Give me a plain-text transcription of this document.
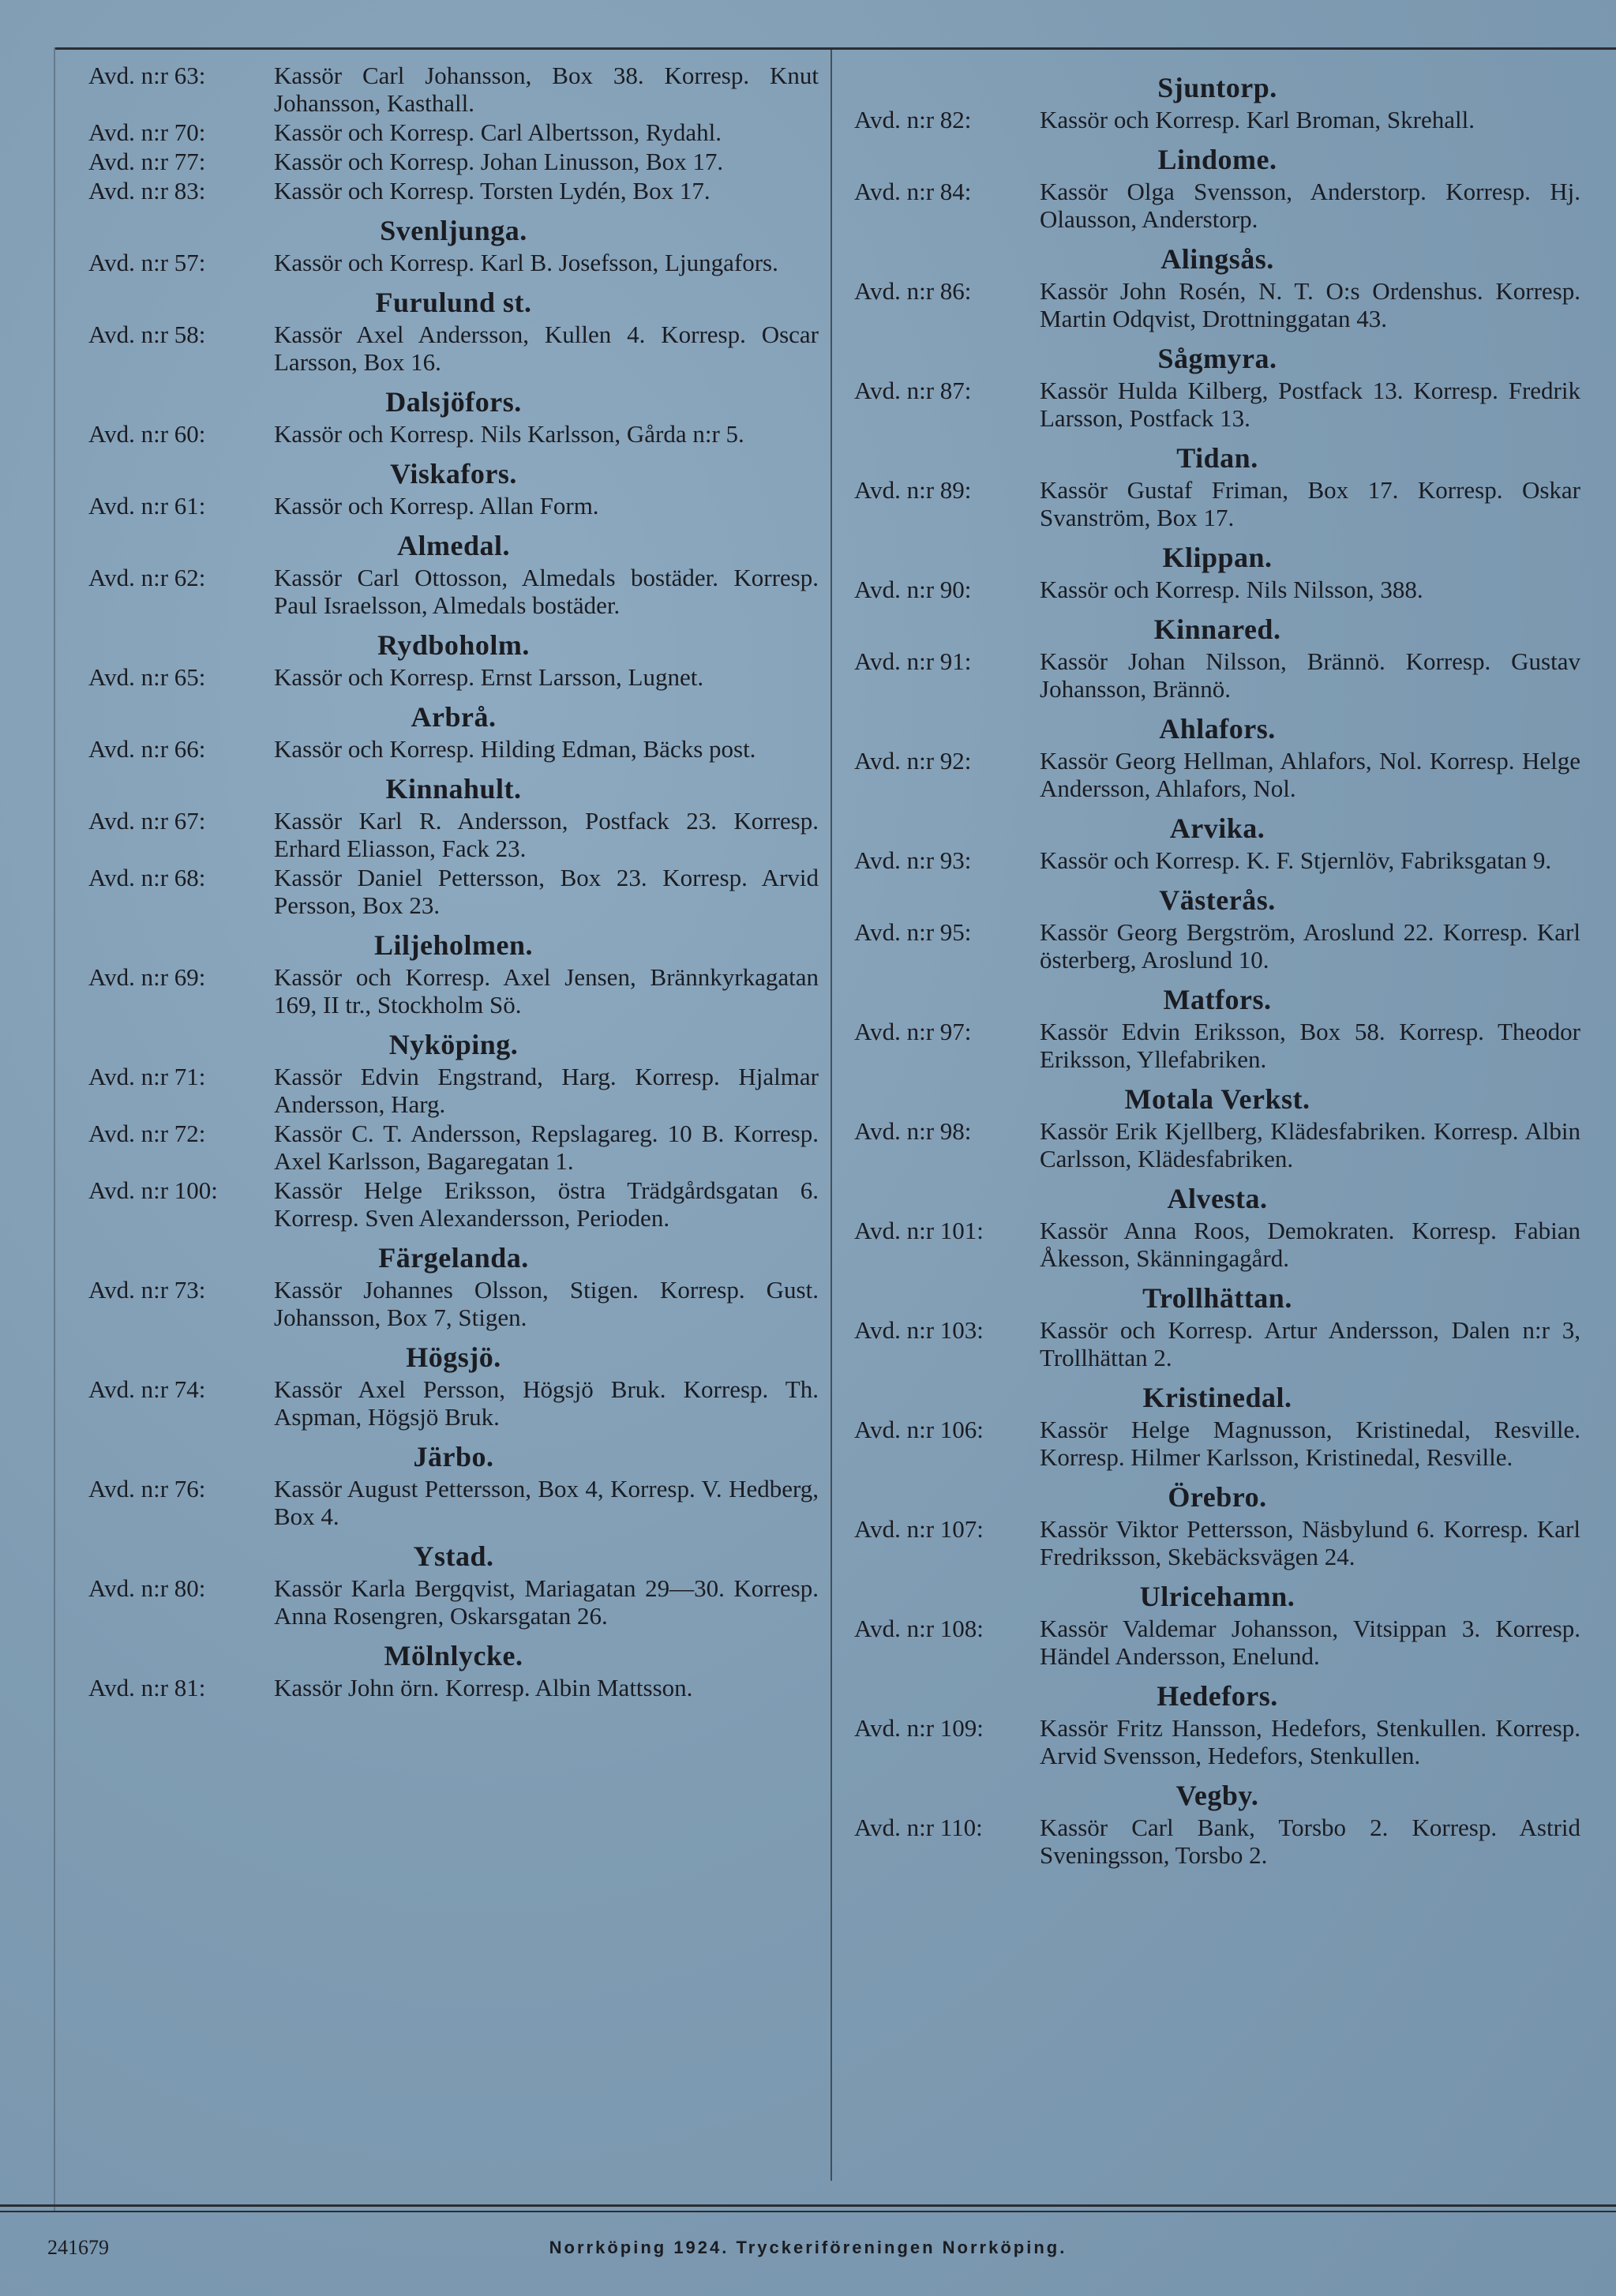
Avd. n:r 63:	Kassör Carl Johansson, Box 38. Korresp. Knut Johansson, Kasthall.
Avd. n:r 70:	Kassör och Korresp. Carl Albertsson, Rydahl.
Avd. n:r 77:	Kassör och Korresp. Johan Linusson, Box 17.
Avd. n:r 83:	Kassör och Korresp. Torsten Lydén, Box 17.
Svenljunga.
Avd. n:r 57:	Kassör och Korresp. Karl B. Josefsson, Ljungafors.
Furulund st.
Avd. n:r 58:	Kassör Axel Andersson, Kullen 4. Korresp. Oscar Larsson, Box 16.
Dalsjöfors.
Avd. n:r 60:	Kassör och Korresp. Nils Karlsson, Gårda n:r 5.
Viskafors.
Avd. n:r 61:	Kassör och Korresp. Allan Form.
Almedal.
Avd. n:r 62:	Kassör Carl Ottosson, Almedals bostäder. Korresp. Paul Israelsson, Almedals bostäder.
Rydboholm.
Avd. n:r 65:	Kassör och Korresp. Ernst Larsson, Lugnet.
Arbrå.
Avd. n:r 66:	Kassör och Korresp. Hilding Edman, Bäcks post.
Kinnahult.
Avd. n:r 67:	Kassör Karl R. Andersson, Postfack 23. Korresp. Erhard Eliasson, Fack 23.
Avd. n:r 68:	Kassör Daniel Pettersson, Box 23. Korresp. Arvid Persson, Box 23.
Liljeholmen.
Avd. n:r 69:	Kassör och Korresp. Axel Jensen, Brännkyrkagatan 169, II tr., Stockholm Sö.
Nyköping.
Avd. n:r 71:	Kassör Edvin Engstrand, Harg. Korresp. Hjalmar Andersson, Harg.
Avd. n:r 72:	Kassör C. T. Andersson, Repslagareg. 10 B. Korresp. Axel Karlsson, Bagaregatan 1.
Avd. n:r 100:	Kassör Helge Eriksson, östra Trädgårdsgatan 6. Korresp. Sven Alexandersson, Perioden.
Färgelanda.
Avd. n:r 73:	Kassör Johannes Olsson, Stigen. Korresp. Gust. Johansson, Box 7, Stigen.
Högsjö.
Avd. n:r 74:	Kassör Axel Persson, Högsjö Bruk. Korresp. Th. Aspman, Högsjö Bruk.
Järbo.
Avd. n:r 76:	Kassör August Pettersson, Box 4, Korresp. V. Hedberg, Box 4.
Ystad.
Avd. n:r 80:	Kassör Karla Bergqvist, Mariagatan 29—30. Korresp. Anna Rosengren, Oskarsgatan 26.
Mölnlycke.
Avd. n:r 81:	Kassör John örn. Korresp. Albin Mattsson.
Sjuntorp.
Avd. n:r 82:	Kassör och Korresp. Karl Broman, Skrehall.
Lindome.
Avd. n:r 84:	Kassör Olga Svensson, Anderstorp. Korresp. Hj. Olausson, Anderstorp.
Alingsås.
Avd. n:r 86:	Kassör John Rosén, N. T. O:s Ordenshus. Korresp. Martin Odqvist, Drottninggatan 43.
Sågmyra.
Avd. n:r 87:	Kassör Hulda Kilberg, Postfack 13. Korresp. Fredrik Larsson, Postfack 13.
Tidan.
Avd. n:r 89:	Kassör Gustaf Friman, Box 17. Korresp. Oskar Svanström, Box 17.
Klippan.
Avd. n:r 90:	Kassör och Korresp. Nils Nilsson, 388.
Kinnared.
Avd. n:r 91:	Kassör Johan Nilsson, Brännö. Korresp. Gustav Johansson, Brännö.
Ahlafors.
Avd. n:r 92:	Kassör Georg Hellman, Ahlafors, Nol. Korresp. Helge Andersson, Ahlafors, Nol.
Arvika.
Avd. n:r 93:	Kassör och Korresp. K. F. Stjernlöv, Fabriksgatan 9.
Västerås.
Avd. n:r 95:	Kassör Georg Bergström, Aroslund 22. Korresp. Karl österberg, Aroslund 10.
Matfors.
Avd. n:r 97:	Kassör Edvin Eriksson, Box 58. Korresp. Theodor Eriksson, Yllefabriken.
Motala Verkst.
Avd. n:r 98:	Kassör Erik Kjellberg, Klädesfabriken. Korresp. Albin Carlsson, Klädesfabriken.
Alvesta.
Avd. n:r 101:	Kassör Anna Roos, Demokraten. Korresp. Fabian Åkesson, Skänningagård.
Trollhättan.
Avd. n:r 103:	Kassör och Korresp. Artur Andersson, Dalen n:r 3, Trollhättan 2.
Kristinedal.
Avd. n:r 106:	Kassör Helge Magnusson, Kristinedal, Resville. Korresp. Hilmer Karlsson, Kristinedal, Resville.
Örebro.
Avd. n:r 107:	Kassör Viktor Pettersson, Näsbylund 6. Korresp. Karl Fredriksson, Skebäcksvägen 24.
Ulricehamn.
Avd. n:r 108:	Kassör Valdemar Johansson, Vitsippan 3. Korresp. Händel Andersson, Enelund.
Hedefors.
Avd. n:r 109:	Kassör Fritz Hansson, Hedefors, Stenkullen. Korresp. Arvid Svensson, Hedefors, Stenkullen.
Vegby.
Avd. n:r 110:	Kassör Carl Bank, Torsbo 2. Korresp. Astrid Sveningsson, Torsbo 2.
241679	Norrköping 1924. Tryckeriföreningen Norrköping.
